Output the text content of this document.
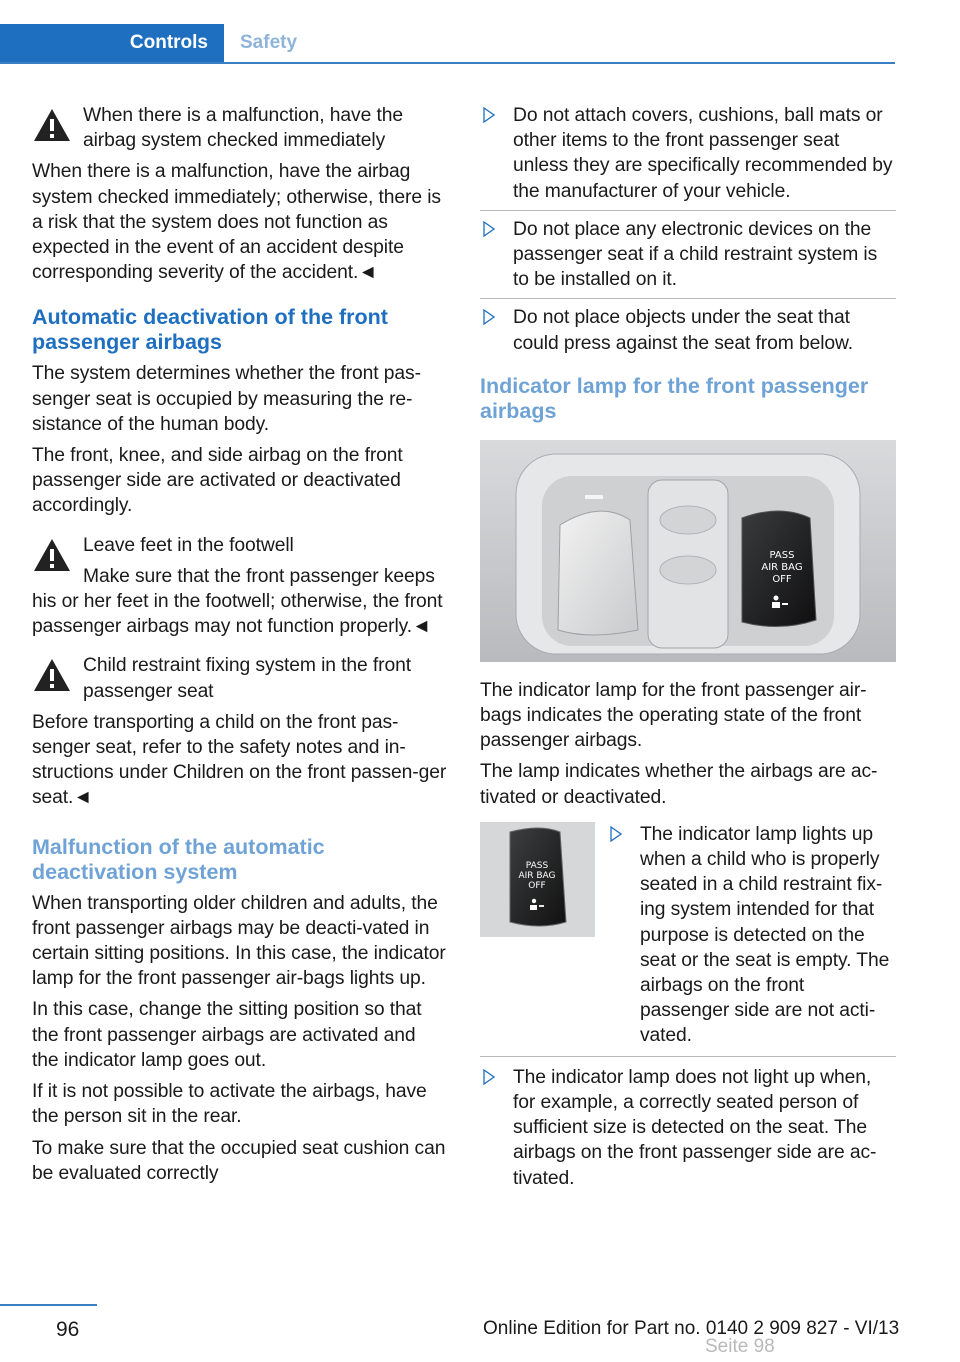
Controls	Safety

When there is a malfunction, have the airbag system checked immediately

When there is a malfunction, have the airbag system checked immediately; otherwise, there is a risk that the system does not function as expected in the event of an accident despite corresponding severity of the accident.◄

Automatic deactivation of the front passenger airbags

The system determines whether the front pas-senger seat is occupied by measuring the re-sistance of the human body.

The front, knee, and side airbag on the front passenger side are activated or deactivated accordingly.

Leave feet in the footwell

Make sure that the front passenger keeps his or her feet in the footwell; otherwise, the front passenger airbags may not function properly.◄

Child restraint fixing system in the front passenger seat

Before transporting a child on the front pas-senger seat, refer to the safety notes and in-structions under Children on the front passen-ger seat.◄

Malfunction of the automatic deactivation system

When transporting older children and adults, the front passenger airbags may be deacti-vated in certain sitting positions. In this case, the indicator lamp for the front passenger air-bags lights up.

In this case, change the sitting position so that the front passenger airbags are activated and the indicator lamp goes out.

If it is not possible to activate the airbags, have the person sit in the rear.

To make sure that the occupied seat cushion can be evaluated correctly

Do not attach covers, cushions, ball mats or other items to the front passenger seat unless they are specifically recommended by the manufacturer of your vehicle.

Do not place any electronic devices on the passenger seat if a child restraint system is to be installed on it.

Do not place objects under the seat that could press against the seat from below.

Indicator lamp for the front passenger airbags
PASS
AIR BAG
OFF

The indicator lamp for the front passenger air-bags indicates the operating state of the front passenger airbags.

The lamp indicates whether the airbags are ac-tivated or deactivated.

PASS
AIR BAG
OFF

The indicator lamp lights up when a child who is properly seated in a child restraint fix-ing system intended for that purpose is detected on the seat or the seat is empty. The airbags on the front passenger side are not acti-vated.

The indicator lamp does not light up when, for example, a correctly seated person of sufficient size is detected on the seat. The airbags on the front passenger side are ac-tivated.

96	Online Edition for Part no. 0140 2 909 827 - VI/13
Seite 98
